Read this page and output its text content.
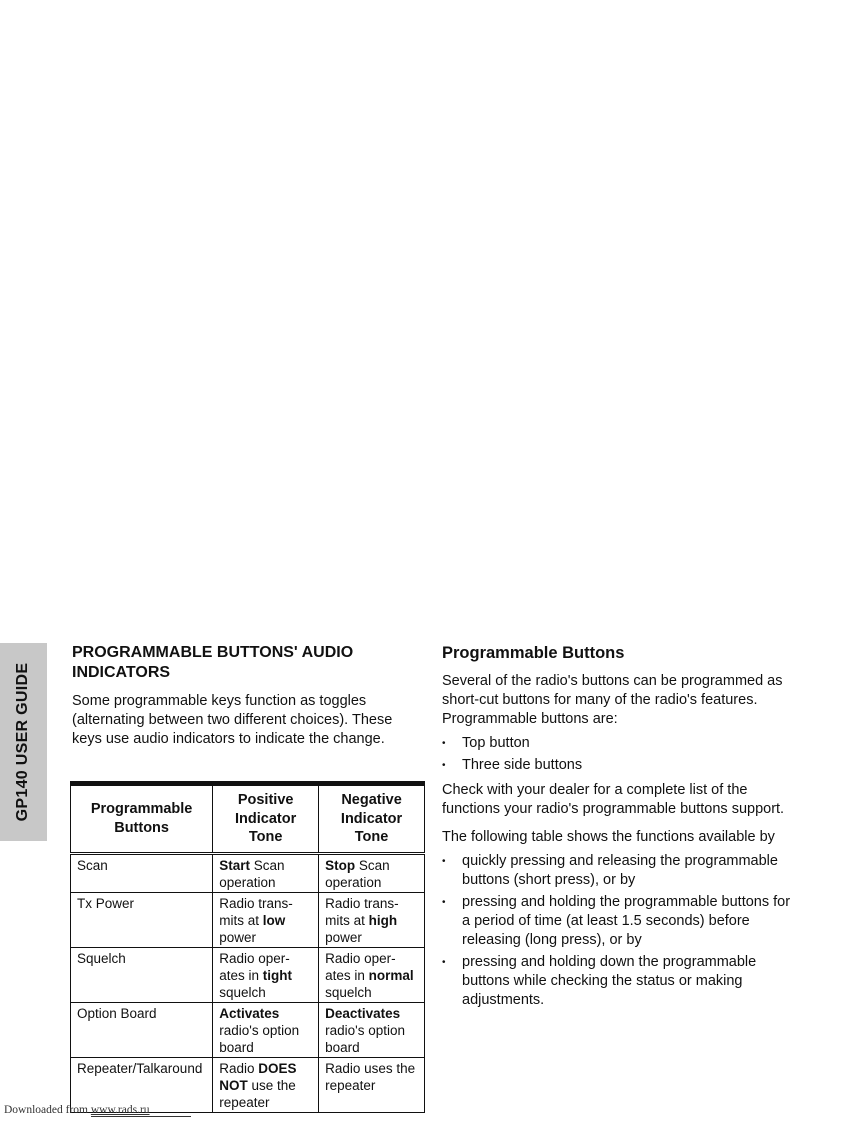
GP140 USER GUIDE
PROGRAMMABLE BUTTONS' AUDIO INDICATORS

Some programmable keys function as toggles (alternating between two different choices). These keys use audio indicators to indicate the change.

Programmable Buttons	Positive Indicator Tone	Negative Indicator Tone
Scan	Start Scan operation	Stop Scan operation
Tx Power	Radio trans-mits at low power	Radio trans-mits at high power
Squelch	Radio oper-ates in tight squelch	Radio oper-ates in normal squelch
Option Board	Activates radio's option board	Deactivates radio's option board
Repeater/Talkaround	Radio DOES NOT use the repeater	Radio uses the repeater
Programmable Buttons

Several of the radio's buttons can be programmed as short-cut buttons for many of the radio's features. Programmable buttons are:

• Top button
• Three side buttons

Check with your dealer for a complete list of the functions your radio's programmable buttons support.

The following table shows the functions available by

• quickly pressing and releasing the programmable buttons (short press), or by
• pressing and holding the programmable buttons for a period of time (at least 1.5 seconds) before releasing (long press), or by
• pressing and holding down the programmable buttons while checking the status or making adjustments.
Downloaded from www.rads.ru
